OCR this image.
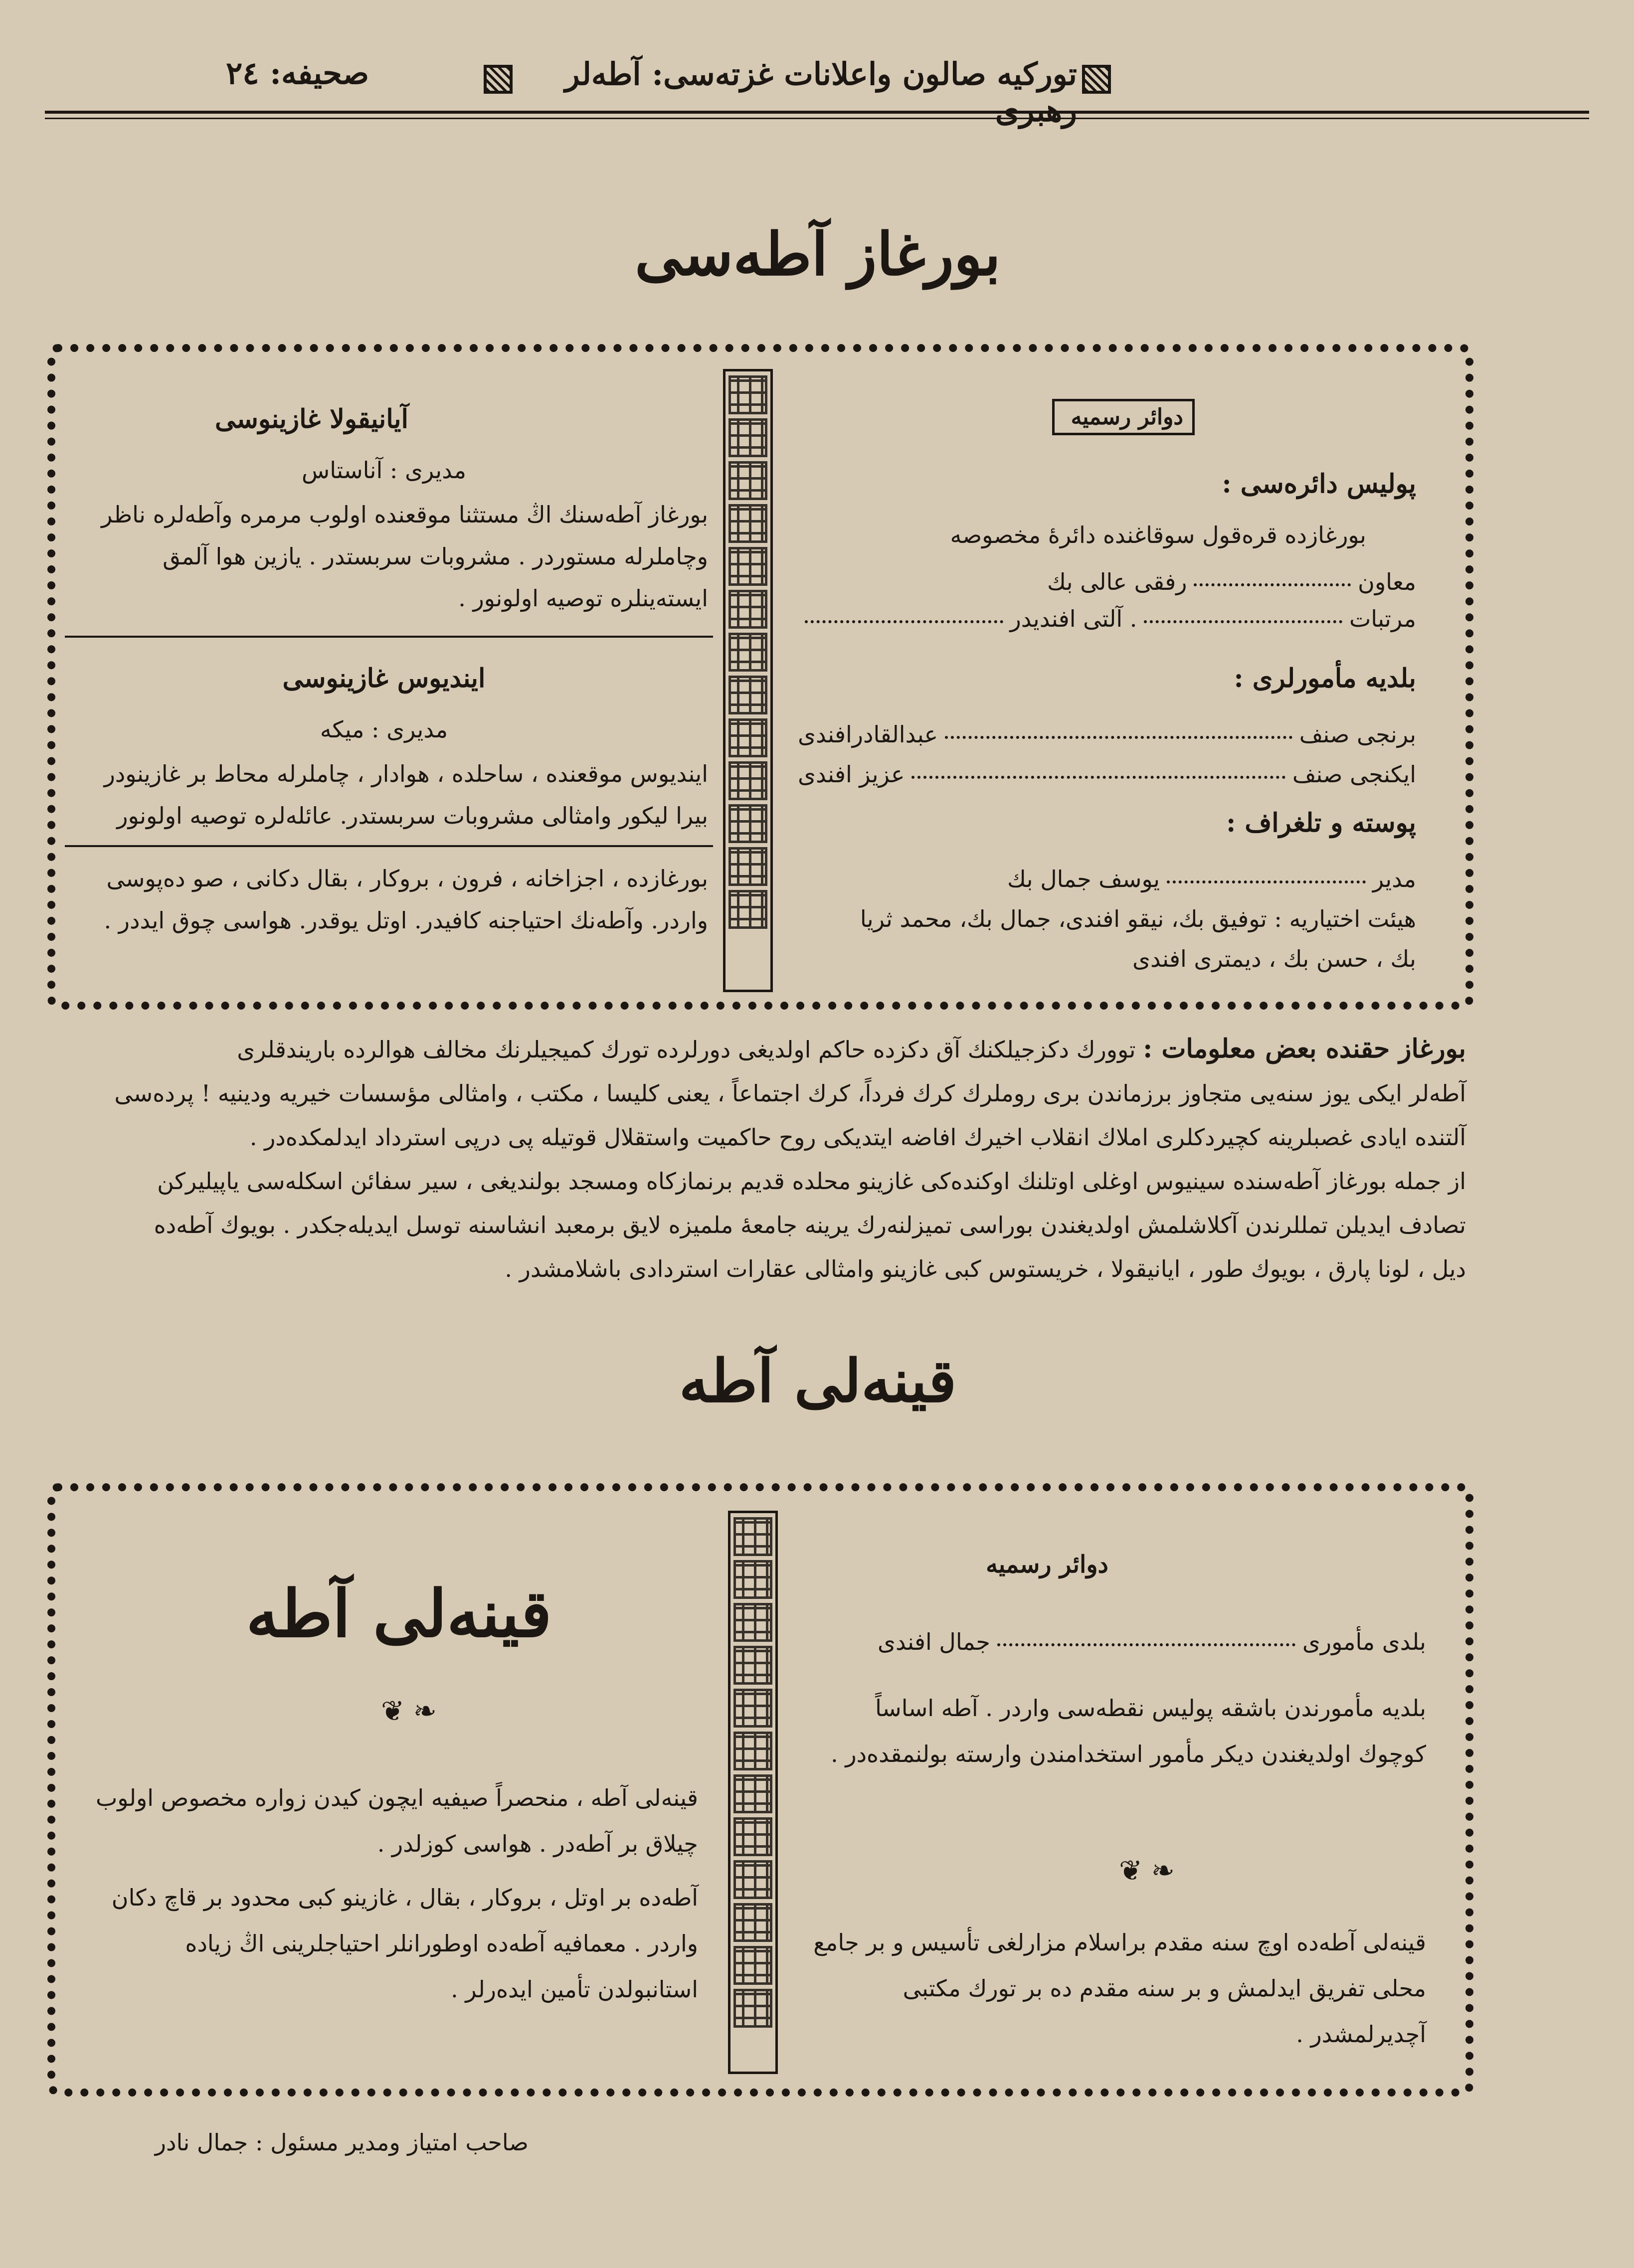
توركيه صالون واعلانات غزته‌سى: آطه‌لر رهبرى
صحيفه: ٢٤
بورغاز آطه‌سى
دوائر رسميه
پوليس دائره‌سى :
بورغازده قره‌قول سوقاغنده دائرهٔ مخصوصه
معاون
رفقى عالى بك
مرتبات
آلتى افنديدر .
بلديه مأمورلرى :
برنجى صنف
عبدالقادرافندى
ايكنجى صنف
عزيز افندى
پوسته و تلغراف :
مدير
يوسف جمال بك
هيئت اختياريه : توفيق بك، نيقو افندى، جمال بك، محمد ثريا
بك ، حسن بك ، ديمترى افندى
آيانيقولا غازينوسى
مديرى : آناستاس
بورغاز آطه‌سنك اڭ مستثنا موقعنده اولوب مرمره وآطه‌لره ناظر وچاملرله مستوردر . مشروبات سربستدر . يازين هوا آلمق ايسته‌ينلره توصيه اولونور .
اينديوس غازينوسى
مديرى : ميكه
اينديوس موقعنده ، ساحلده ، هوادار ، چاملرله محاط بر غازينودر بيرا ليكور وامثالى مشروبات سربستدر. عائله‌لره توصيه اولونور
بورغازده ، اجزاخانه ، فرون ، بروكار ، بقال دكانى ، صو ده‌پوسى واردر. وآطه‌نك احتياجنه كافيدر. اوتل يوقدر. هواسى چوق ايددر .
بورغاز حقنده بعض معلومات : توورك دكزجيلكنك آق دكزده حاكم اولديغى دورلرده تورك كميجيلرنك مخالف هوالرده باريندقلرى
آطه‌لر ايكى يوز سنه‌يى متجاوز برزماندن برى روملرك كرك فرداً، كرك اجتماعاً ، يعنى كليسا ، مكتب ، وامثالى مؤسسات خيريه ودينيه ! پرده‌سى
آلتنده ايادى غصبلرينه كچيردكلرى املاك انقلاب اخيرك افاضه ايتديكى روح حاكميت واستقلال قوتيله پى درپى استرداد ايدلمكده‌در .
از جمله بورغاز آطه‌سنده سينيوس اوغلى اوتلنك اوكنده‌كى غازينو محلده قديم برنمازكاه ومسجد بولنديغى ، سير سفائن اسكله‌سى ياپيليركن
تصادف ايديلن تمللرندن آكلاشلمش اولديغندن بوراسى تميزلنه‌رك يرينه جامعهٔ ملميزه لايق برمعبد انشاسنه توسل ايديله‌جكدر . بويوك آطه‌ده
ديل ، لونا پارق ، بويوك طور ، ايانيقولا ، خريستوس كبى غازينو وامثالى عقارات استردادى باشلامشدر .
قينه‌لى آطه
دوائر رسميه
بلدى مأمورى
جمال افندى
بلديه مأمورندن باشقه پوليس نقطه‌سى واردر . آطه اساساً كوچوك اولديغندن ديكر مأمور استخدامندن وارسته بولنمقده‌در .
❦ ❧
قينه‌لى آطه‌ده اوچ سنه مقدم براسلام مزارلغى تأسيس و بر جامع محلى تفريق ايدلمش و بر سنه مقدم ده بر تورك مكتبى آچديرلمشدر .
قينه‌لى آطه
❦ ❧
قينه‌لى آطه ، منحصراً صيفيه ايچون كيدن زواره مخصوص اولوب چيلاق بر آطه‌در . هواسى كوزلدر .
آطه‌ده بر اوتل ، بروكار ، بقال ، غازينو كبى محدود بر قاچ دكان واردر . معمافيه آطه‌ده اوطورانلر احتياجلرينى اڭ زياده استانبولدن تأمين ايده‌رلر .
صاحب امتياز ومدير مسئول : جمال نادر
